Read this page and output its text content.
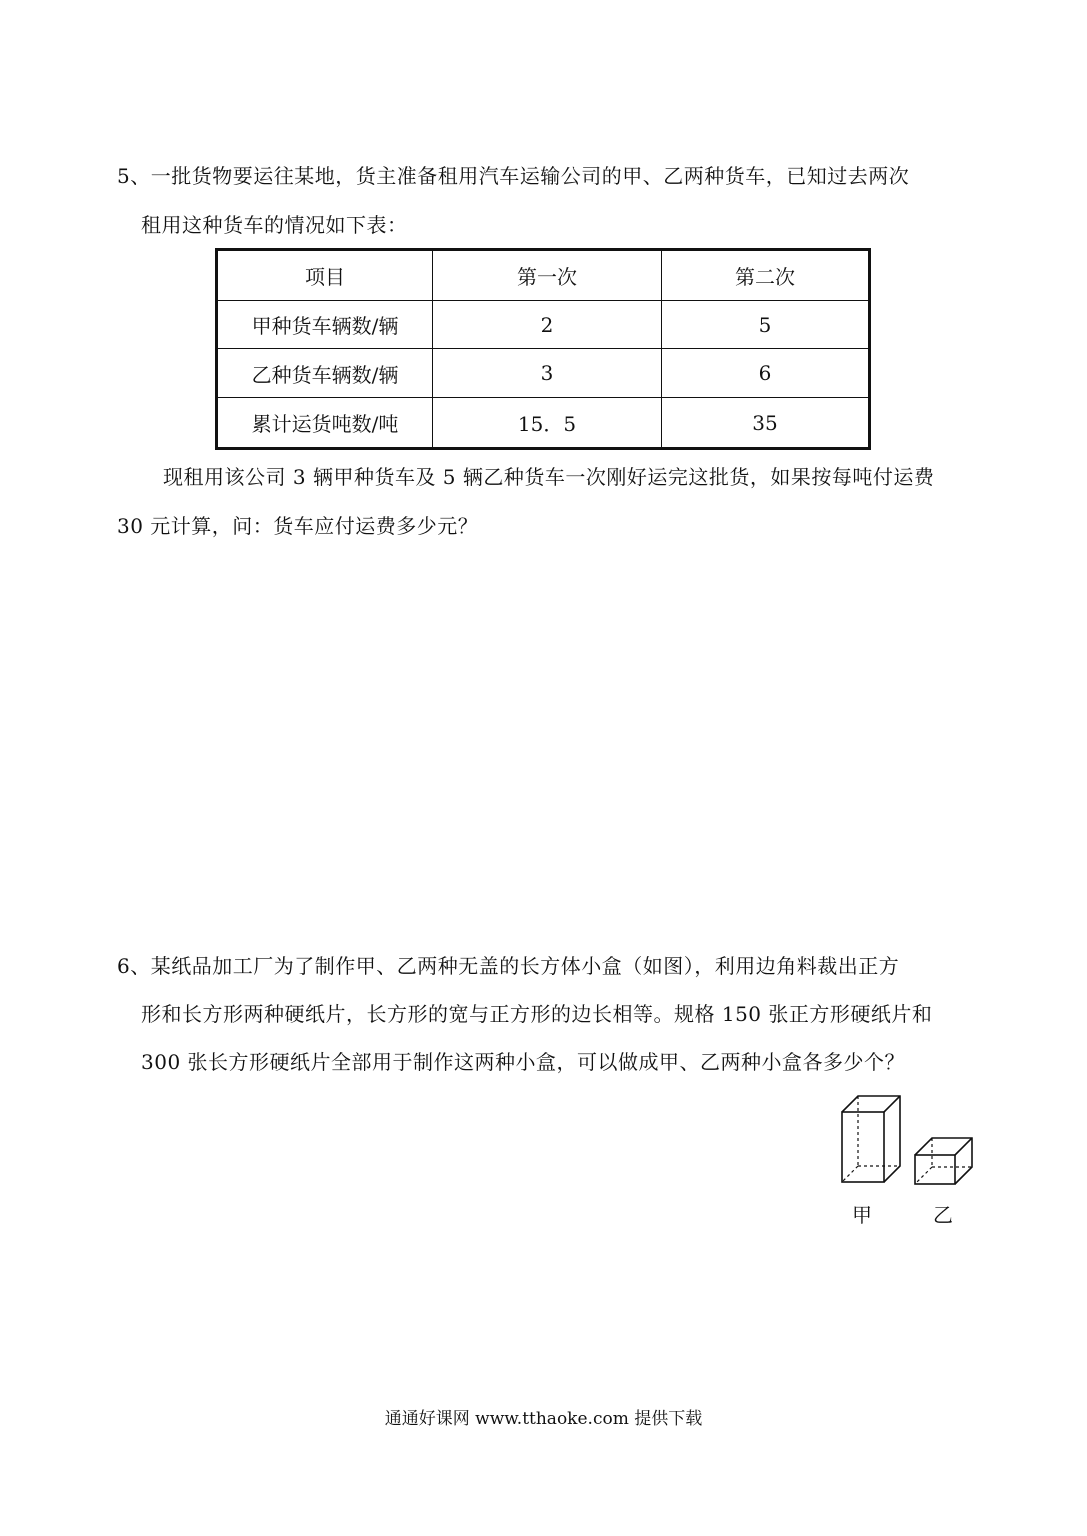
5、一批货物要运往某地，货主准备租用汽车运输公司的甲、乙两种货车，已知过去两次
租用这种货车的情况如下表：
项目	第一次	第二次
甲种货车辆数/辆	2	5
乙种货车辆数/辆	3	6
累计运货吨数/吨	15．5	35
现租用该公司 3 辆甲种货车及 5 辆乙种货车一次刚好运完这批货，如果按每吨付运费
30 元计算，问：货车应付运费多少元？
6、某纸品加工厂为了制作甲、乙两种无盖的长方体小盒（如图），利用边角料裁出正方
形和长方形两种硬纸片，长方形的宽与正方形的边长相等。规格 150 张正方形硬纸片和
300 张长方形硬纸片全部用于制作这两种小盒，可以做成甲、乙两种小盒各多少个？
甲	乙
通通好课网 www.tthaoke.com 提供下载
